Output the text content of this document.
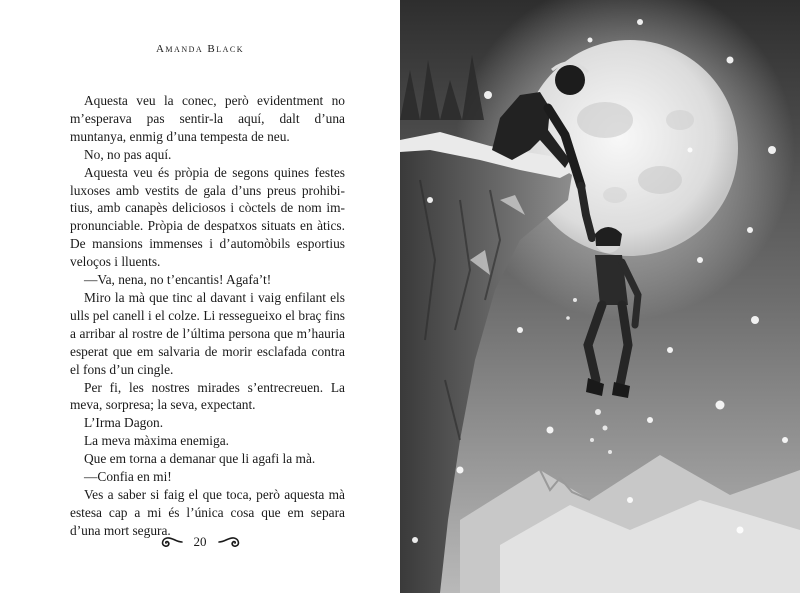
Amanda Black

Aquesta veu la conec, però evidentment no m’esperava pas sentir-la aquí, dalt d’una muntanya, enmig d’una tempesta de neu.

No, no pas aquí.

Aquesta veu és pròpia de segons quines festes luxoses amb vestits de gala d’uns preus prohibitius, amb canapès deliciosos i còctels de nom impronunciable. Pròpia de despatxos situats en àtics. De mansions immenses i d’automòbils esportius veloços i lluents.

—Va, nena, no t’encantis! Agafa’t!

Miro la mà que tinc al davant i vaig enfilant els ulls pel canell i el colze. Li ressegueixo el braç fins a arribar al rostre de l’última persona que m’hauria esperat que em salvaria de morir esclafada contra el fons d’un cingle.

Per fi, les nostres mirades s’entrecreuen. La meva, sorpresa; la seva, expectant.

L’Irma Dagon.

La meva màxima enemiga.

Que em torna a demanar que li agafi la mà.

—Confia en mi!

Ves a saber si faig el que toca, però aquesta mà estesa cap a mi és l’única cosa que em separa d’una mort segura.

20
